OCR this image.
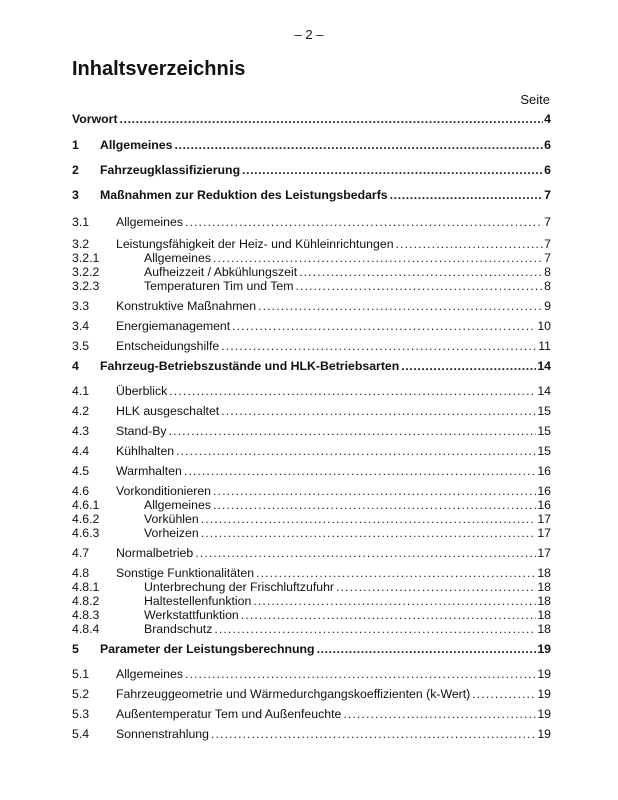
– 2 –
Inhaltsverzeichnis
Seite
Vorwort .....	4
1	Allgemeines .....	6
2	Fahrzeugklassifizierung .....	6
3	Maßnahmen zur Reduktion des Leistungsbedarfs .....	7
3.1	Allgemeines .....	7
3.2	Leistungsfähigkeit der Heiz- und Kühleinrichtungen .....	7
3.2.1	Allgemeines .....	7
3.2.2	Aufheizzeit / Abkühlungszeit .....	8
3.2.3	Temperaturen Tim und Tem .....	8
3.3	Konstruktive Maßnahmen .....	9
3.4	Energiemanagement .....	10
3.5	Entscheidungshilfe .....	11
4	Fahrzeug-Betriebszustände und HLK-Betriebsarten .....	14
4.1	Überblick .....	14
4.2	HLK ausgeschaltet .....	15
4.3	Stand-By .....	15
4.4	Kühlhalten .....	15
4.5	Warmhalten .....	16
4.6	Vorkonditionieren .....	16
4.6.1	Allgemeines .....	16
4.6.2	Vorkühlen .....	17
4.6.3	Vorheizen .....	17
4.7	Normalbetrieb .....	17
4.8	Sonstige Funktionalitäten .....	18
4.8.1	Unterbrechung der Frischluftzufuhr .....	18
4.8.2	Haltestellenfunktion .....	18
4.8.3	Werkstattfunktion .....	18
4.8.4	Brandschutz .....	18
5	Parameter der Leistungsberechnung .....	19
5.1	Allgemeines .....	19
5.2	Fahrzeuggeometrie und Wärmedurchgangskoeffizienten (k-Wert) .....	19
5.3	Außentemperatur Tem und Außenfeuchte .....	19
5.4	Sonnenstrahlung .....	19
